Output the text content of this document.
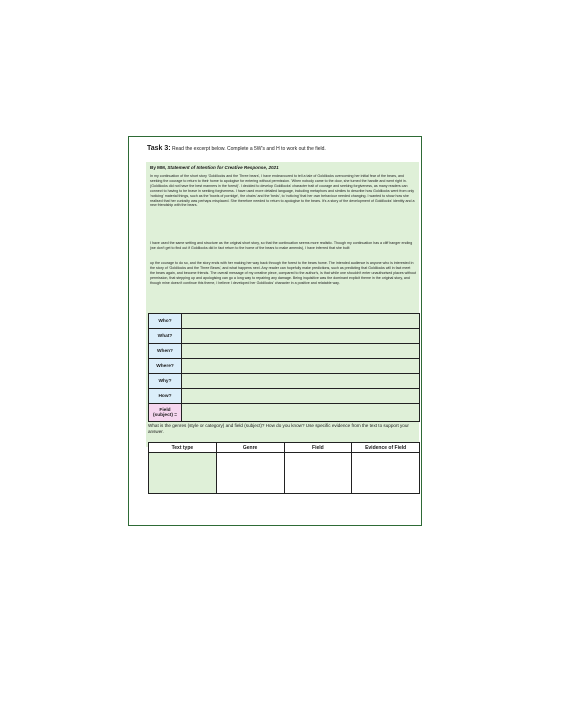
Task 3: Read the excerpt below. Complete a 5W's and H to work out the field.
By MM, Statement of Intention for Creative Response, 2021
In my continuation of the short story 'Goldilocks and the Three bears', I have endeavoured to tell a tale of Goldilocks overcoming her initial fear of the bears, and seeking the courage to return to their home to apologise for entering without permission. 'When nobody came to the door, she turned the handle and went right in. (Goldilocks did not have the best manners in the forest)'. I decided to develop Goldilocks' character trait of courage and seeking forgiveness, as many readers can connect to having to be brave in seeking forgiveness. I have used more detailed language, including metaphors and similes to describe how Goldilocks went from only 'noticing' material things, such as the 'bowls of porridge', the chairs' and the 'beds', to 'noticing' that her own behaviour needed changing. I wanted to show how she realised that her curiosity was perhaps misplaced. She therefore needed to return to apologise to the bears. It's a story of the development of Goldilocks' identity and a new friendship with the bears.
I have used the same setting and structure as the original short story, so that the continuation seems more realistic. Though my continuation has a cliff hanger ending (we don't get to find out if Goldilocks did in fact return to the home of the bears to make amends), I have inferred that she built
up the courage to do so, and the story ends with her making her way back through the forest to the bears home. The intended audience is anyone who is interested in the story of 'Goldilocks and the Three Bears', and what happens next. Any reader can hopefully make predictions, such as predicting that Goldilocks will in fact meet the bears again, and become friends. The overall message of my creative piece, compared to the author's, is that while one shouldn't enter unauthorised places without permission, that stepping up and apologising can go a long way to repairing any damage. Being inquisitive was the dominant explicit theme in the original story, and though mine doesn't continue this theme, I believe I developed her Goldilocks' character in a positive and relatable way.
Who?	
What?	
When?	
Where?	
Why?	
How?	
Field
(subject) =	
What is the genres (style or category) and field (subject)? How do you know? Use specific evidence from the text to support your answer.
Text type	Genre	Field	Evidence of Field
